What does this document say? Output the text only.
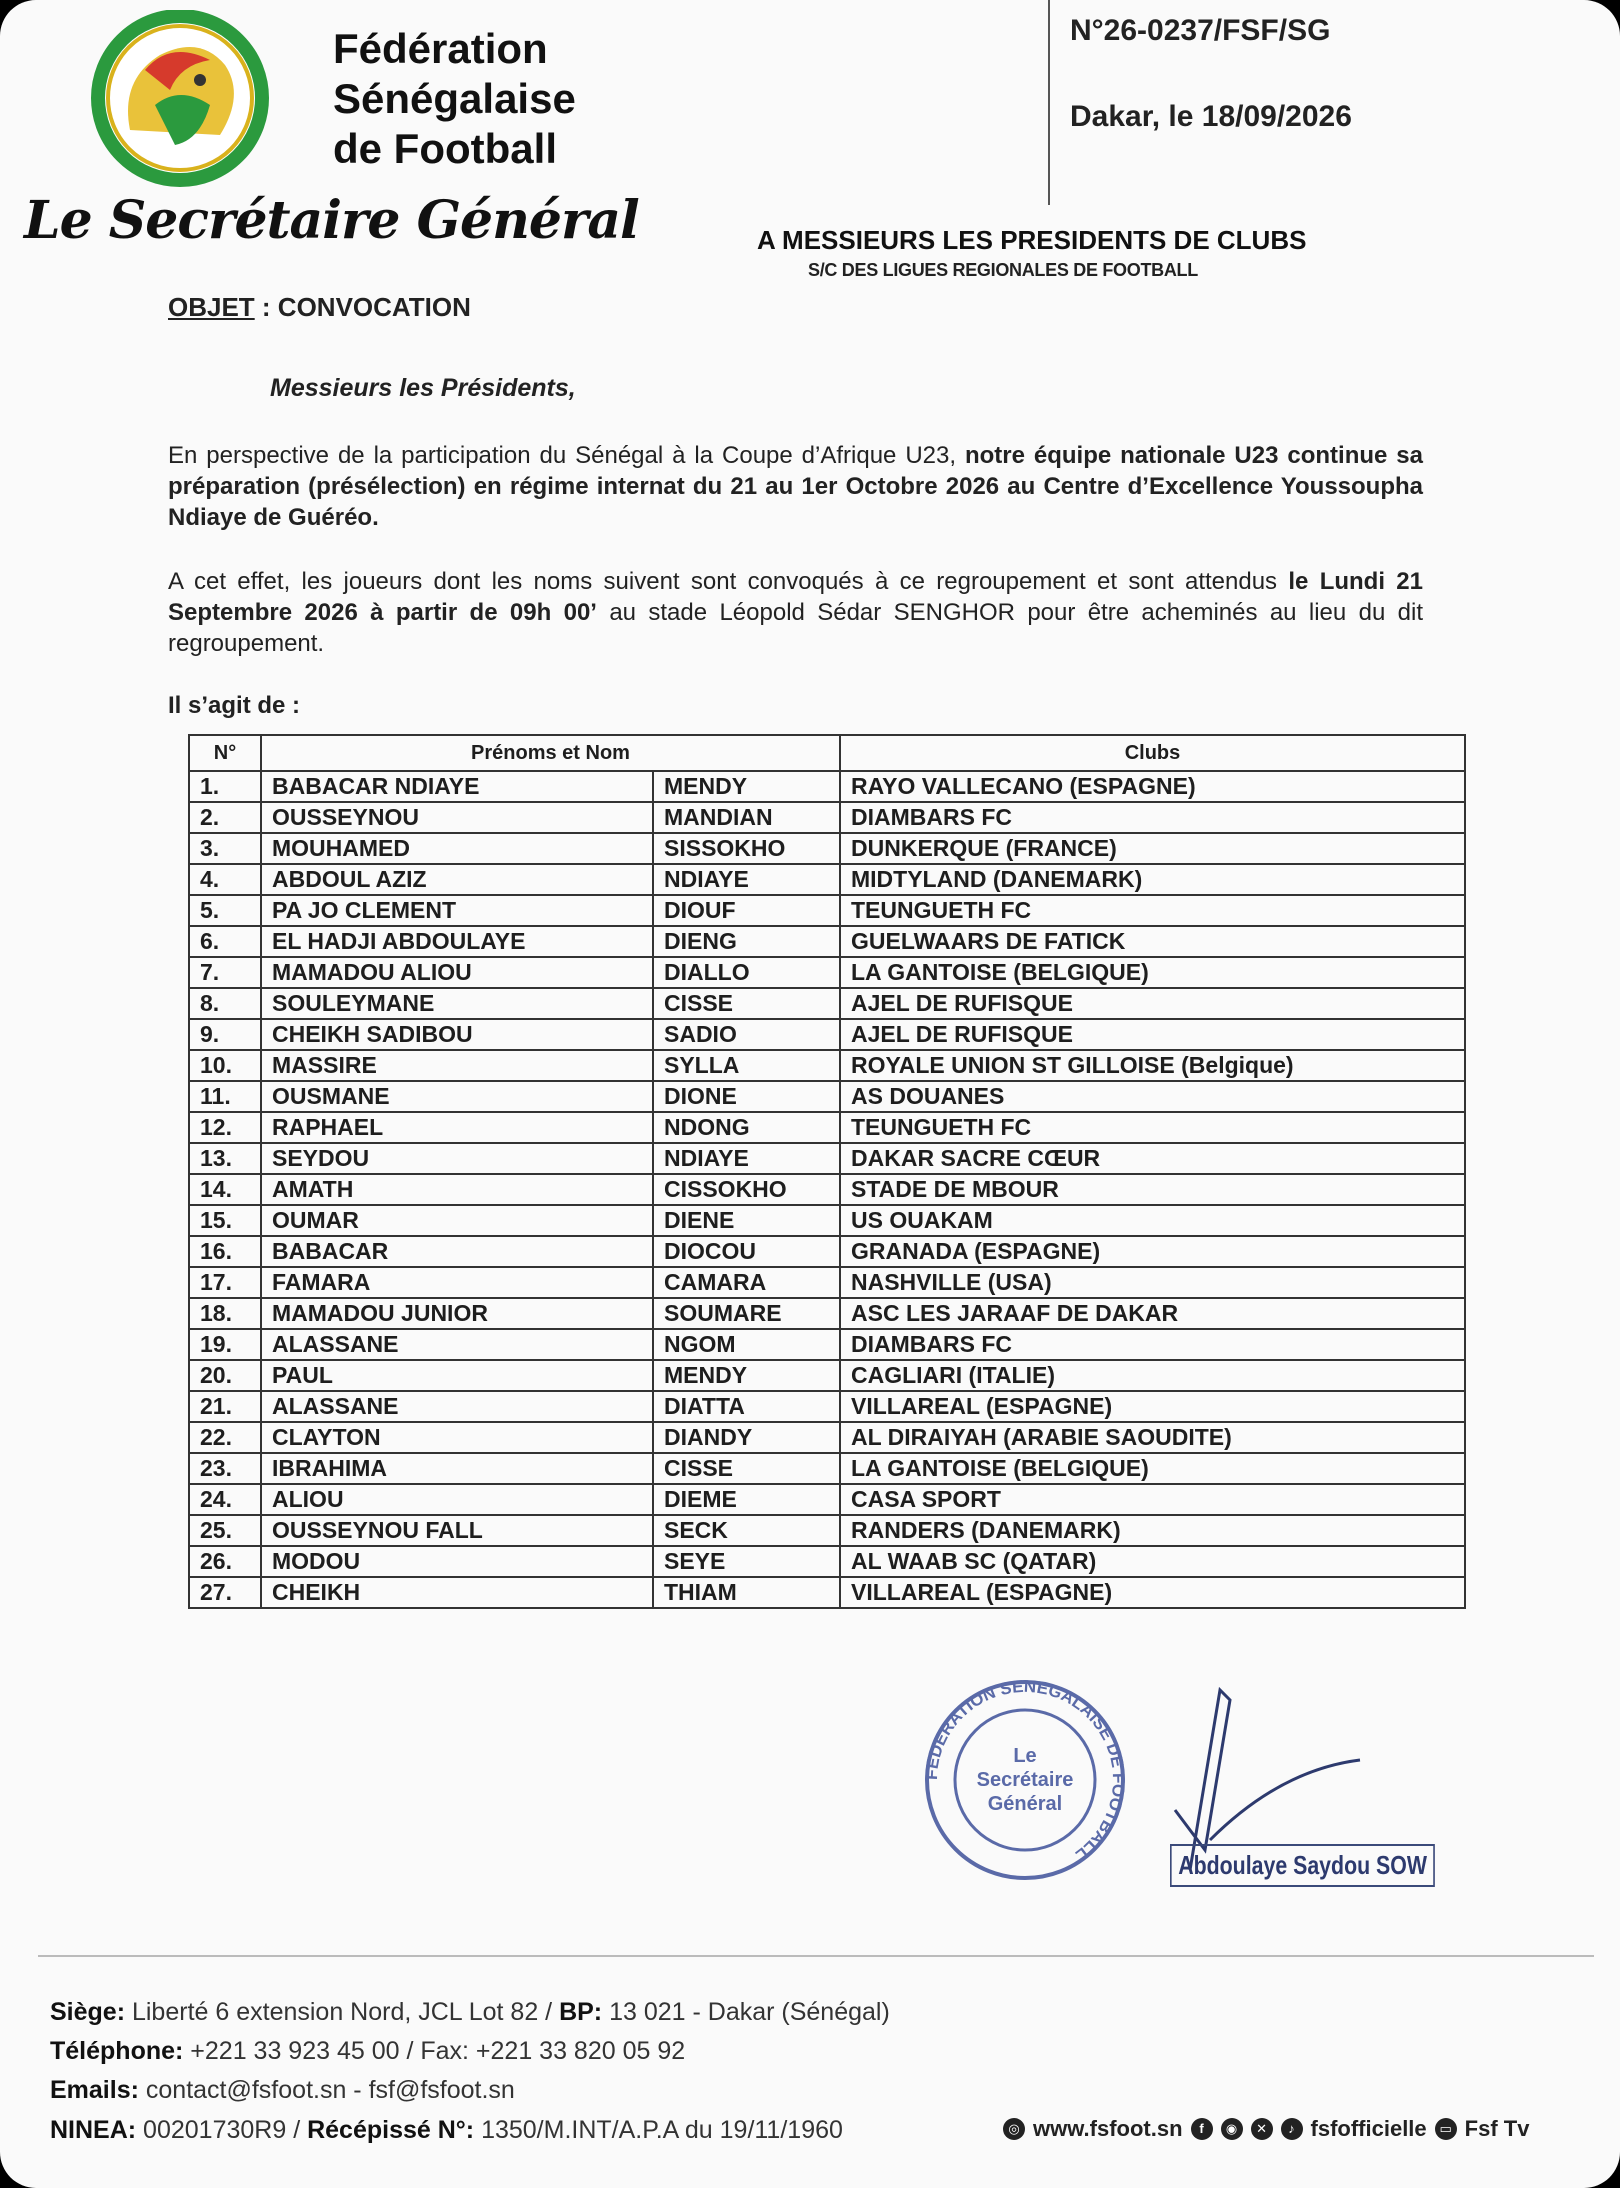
Fédération
Sénégalaise
de Football
Le Secrétaire Général
N°26-0237/FSF/SG
Dakar, le 18/09/2026
A MESSIEURS LES PRESIDENTS DE CLUBS
S/C DES LIGUES REGIONALES DE FOOTBALL
OBJET : CONVOCATION
Messieurs les Présidents,
En perspective de la participation du Sénégal à la Coupe d’Afrique U23, notre équipe nationale U23 continue sa préparation (présélection) en régime internat du 21 au 1er Octobre 2026 au Centre d’Excellence Youssoupha Ndiaye de Guéréo.
A cet effet, les joueurs dont les noms suivent sont convoqués à ce regroupement et sont attendus le Lundi 21 Septembre 2026 à partir de 09h 00’ au stade Léopold Sédar SENGHOR pour être acheminés au lieu du dit regroupement.
Il s’agit de :
N°	Prénoms et Nom		Clubs
1.	BABACAR NDIAYE	MENDY	RAYO VALLECANO (ESPAGNE)
2.	OUSSEYNOU	MANDIAN	DIAMBARS FC
3.	MOUHAMED	SISSOKHO	DUNKERQUE (FRANCE)
4.	ABDOUL AZIZ	NDIAYE	MIDTYLAND (DANEMARK)
5.	PA JO CLEMENT	DIOUF	TEUNGUETH FC
6.	EL HADJI ABDOULAYE	DIENG	GUELWAARS DE FATICK
7.	MAMADOU ALIOU	DIALLO	LA GANTOISE (BELGIQUE)
8.	SOULEYMANE	CISSE	AJEL DE RUFISQUE
9.	CHEIKH SADIBOU	SADIO	AJEL DE RUFISQUE
10.	MASSIRE	SYLLA	ROYALE UNION ST GILLOISE (Belgique)
11.	OUSMANE	DIONE	AS DOUANES
12.	RAPHAEL	NDONG	TEUNGUETH FC
13.	SEYDOU	NDIAYE	DAKAR SACRE CŒUR
14.	AMATH	CISSOKHO	STADE DE MBOUR
15.	OUMAR	DIENE	US OUAKAM
16.	BABACAR	DIOCOU	GRANADA (ESPAGNE)
17.	FAMARA	CAMARA	NASHVILLE (USA)
18.	MAMADOU JUNIOR	SOUMARE	ASC LES JARAAF DE DAKAR
19.	ALASSANE	NGOM	DIAMBARS FC
20.	PAUL	MENDY	CAGLIARI (ITALIE)
21.	ALASSANE	DIATTA	VILLAREAL (ESPAGNE)
22.	CLAYTON	DIANDY	AL DIRAIYAH (ARABIE SAOUDITE)
23.	IBRAHIMA	CISSE	LA GANTOISE (BELGIQUE)
24.	ALIOU	DIEME	CASA SPORT
25.	OUSSEYNOU FALL	SECK	RANDERS (DANEMARK)
26.	MODOU	SEYE	AL WAAB SC (QATAR)
27.	CHEIKH	THIAM	VILLAREAL (ESPAGNE)
FEDERATION SENEGALAISE DE FOOTBALL
Le
Secrétaire
Général
Abdoulaye Saydou SOW
Siège: Liberté 6 extension Nord, JCL Lot 82 / BP: 13 021 - Dakar (Sénégal)
Téléphone: +221 33 923 45 00 / Fax: +221 33 820 05 92
Emails: contact@fsfoot.sn - fsf@fsfoot.sn
NINEA: 00201730R9 / Récépissé N°: 1350/M.INT/A.P.A du 19/11/1960	◎ www.fsfoot.sn	f	◉	✕	♪ fsfofficielle ▭ Fsf Tv
